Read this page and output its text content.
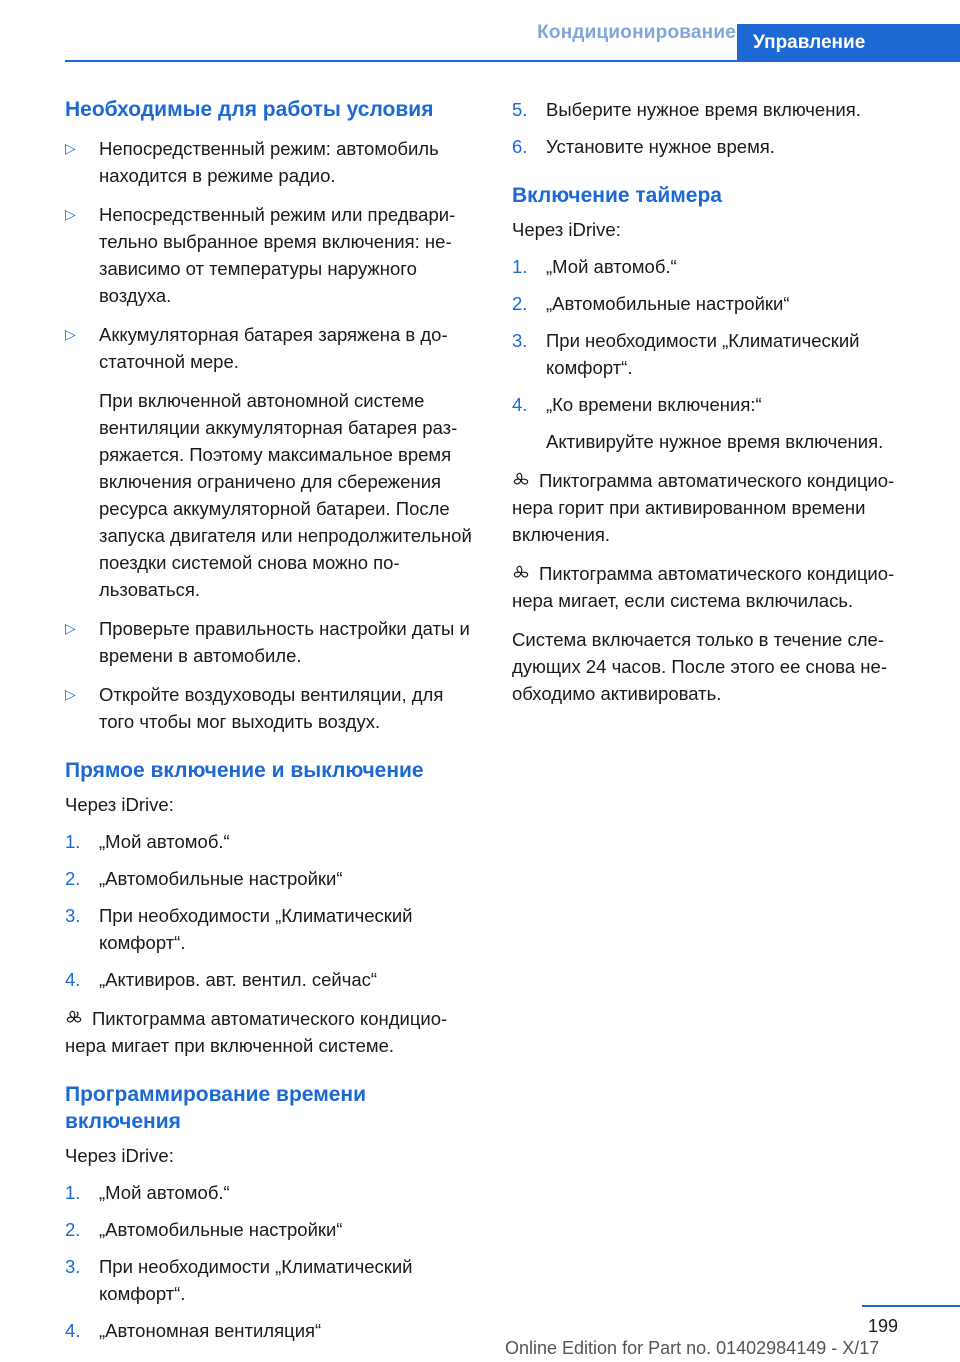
Кондиционирование Управление
Необходимые для работы условия
▷ Непосредственный режим: автомобиль находится в режиме радио.
▷ Непосредственный режим или предварительно выбранное время включения: независимо от температуры наружного воздуха.
▷ Аккумуляторная батарея заряжена в достаточной мере.
При включенной автономной системе вентиляции аккумуляторная батарея разряжается. Поэтому максимальное время включения ограничено для сбережения ресурса аккумуляторной батареи. После запуска двигателя или непродолжительной поездки системой снова можно пользоваться.
▷ Проверьте правильность настройки даты и времени в автомобиле.
▷ Откройте воздуховоды вентиляции, для того чтобы мог выходить воздух.
Прямое включение и выключение
Через iDrive:
1. „Мой автомоб.“
2. „Автомобильные настройки“
3. При необходимости „Климатический комфорт“.
4. „Активиров. авт. вентил. сейчас“
Пиктограмма автоматического кондиционера мигает при включенной системе.
Программирование времени включения
Через iDrive:
1. „Мой автомоб.“
2. „Автомобильные настройки“
3. При необходимости „Климатический комфорт“.
4. „Автономная вентиляция“
5. Выберите нужное время включения.
6. Установите нужное время.
Включение таймера
Через iDrive:
1. „Мой автомоб.“
2. „Автомобильные настройки“
3. При необходимости „Климатический комфорт“.
4. „Ко времени включения:“
Активируйте нужное время включения.
Пиктограмма автоматического кондиционера горит при активированном времени включения.
Пиктограмма автоматического кондиционера мигает, если система включилась.

Система включается только в течение следующих 24 часов. После этого ее снова необходимо активировать.

199
Online Edition for Part no. 01402984149 - X/17
